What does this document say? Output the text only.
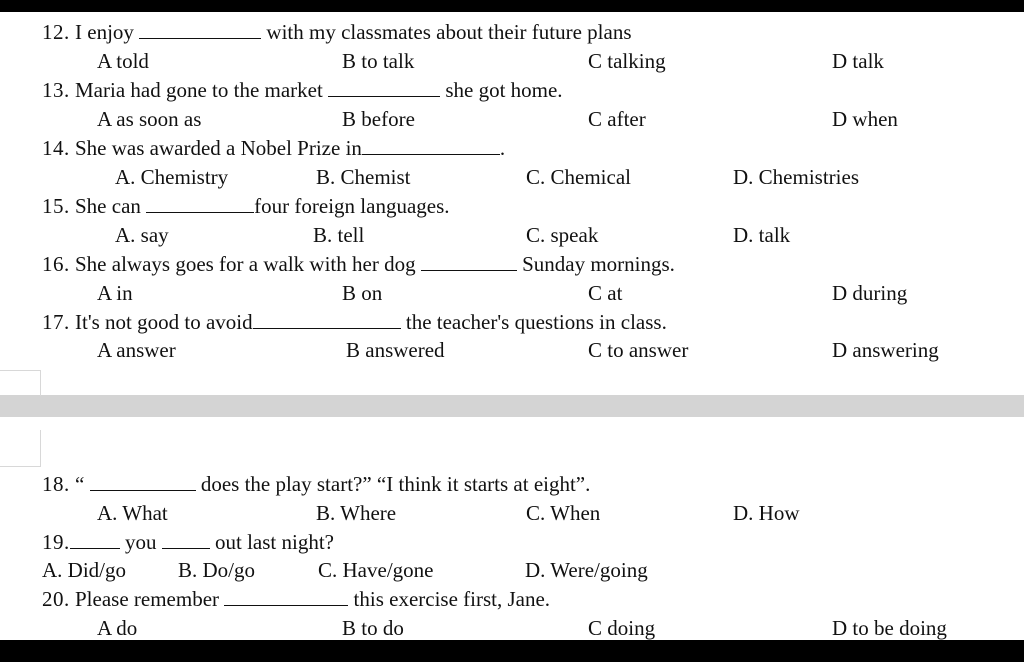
12. I enjoy	with my classmates about their future plans
A told	B to talk	C talking	D talk
13. Maria had gone to the market	she got home.
A as soon as	B before	C after	D when
14. She was awarded a Nobel Prize in	.
A. Chemistry	B. Chemist	C. Chemical	D. Chemistries
15. She can	four foreign languages.
A. say	B. tell	C. speak	D. talk
16. She always goes for a walk with her dog	Sunday mornings.
A in	B on	C at	D during
17. It's not good to avoid	the teacher's questions in class.
A answer	B answered	C to answer	D answering
18. “	does the play start?” “I think it starts at eight”.
A. What	B. Where	C. When	D. How
19.	you	out last night?
A. Did/go B. Do/go	C. Have/gone	D. Were/going
20. Please remember	this exercise first, Jane.
A do	B to do	C doing	D to be doing
